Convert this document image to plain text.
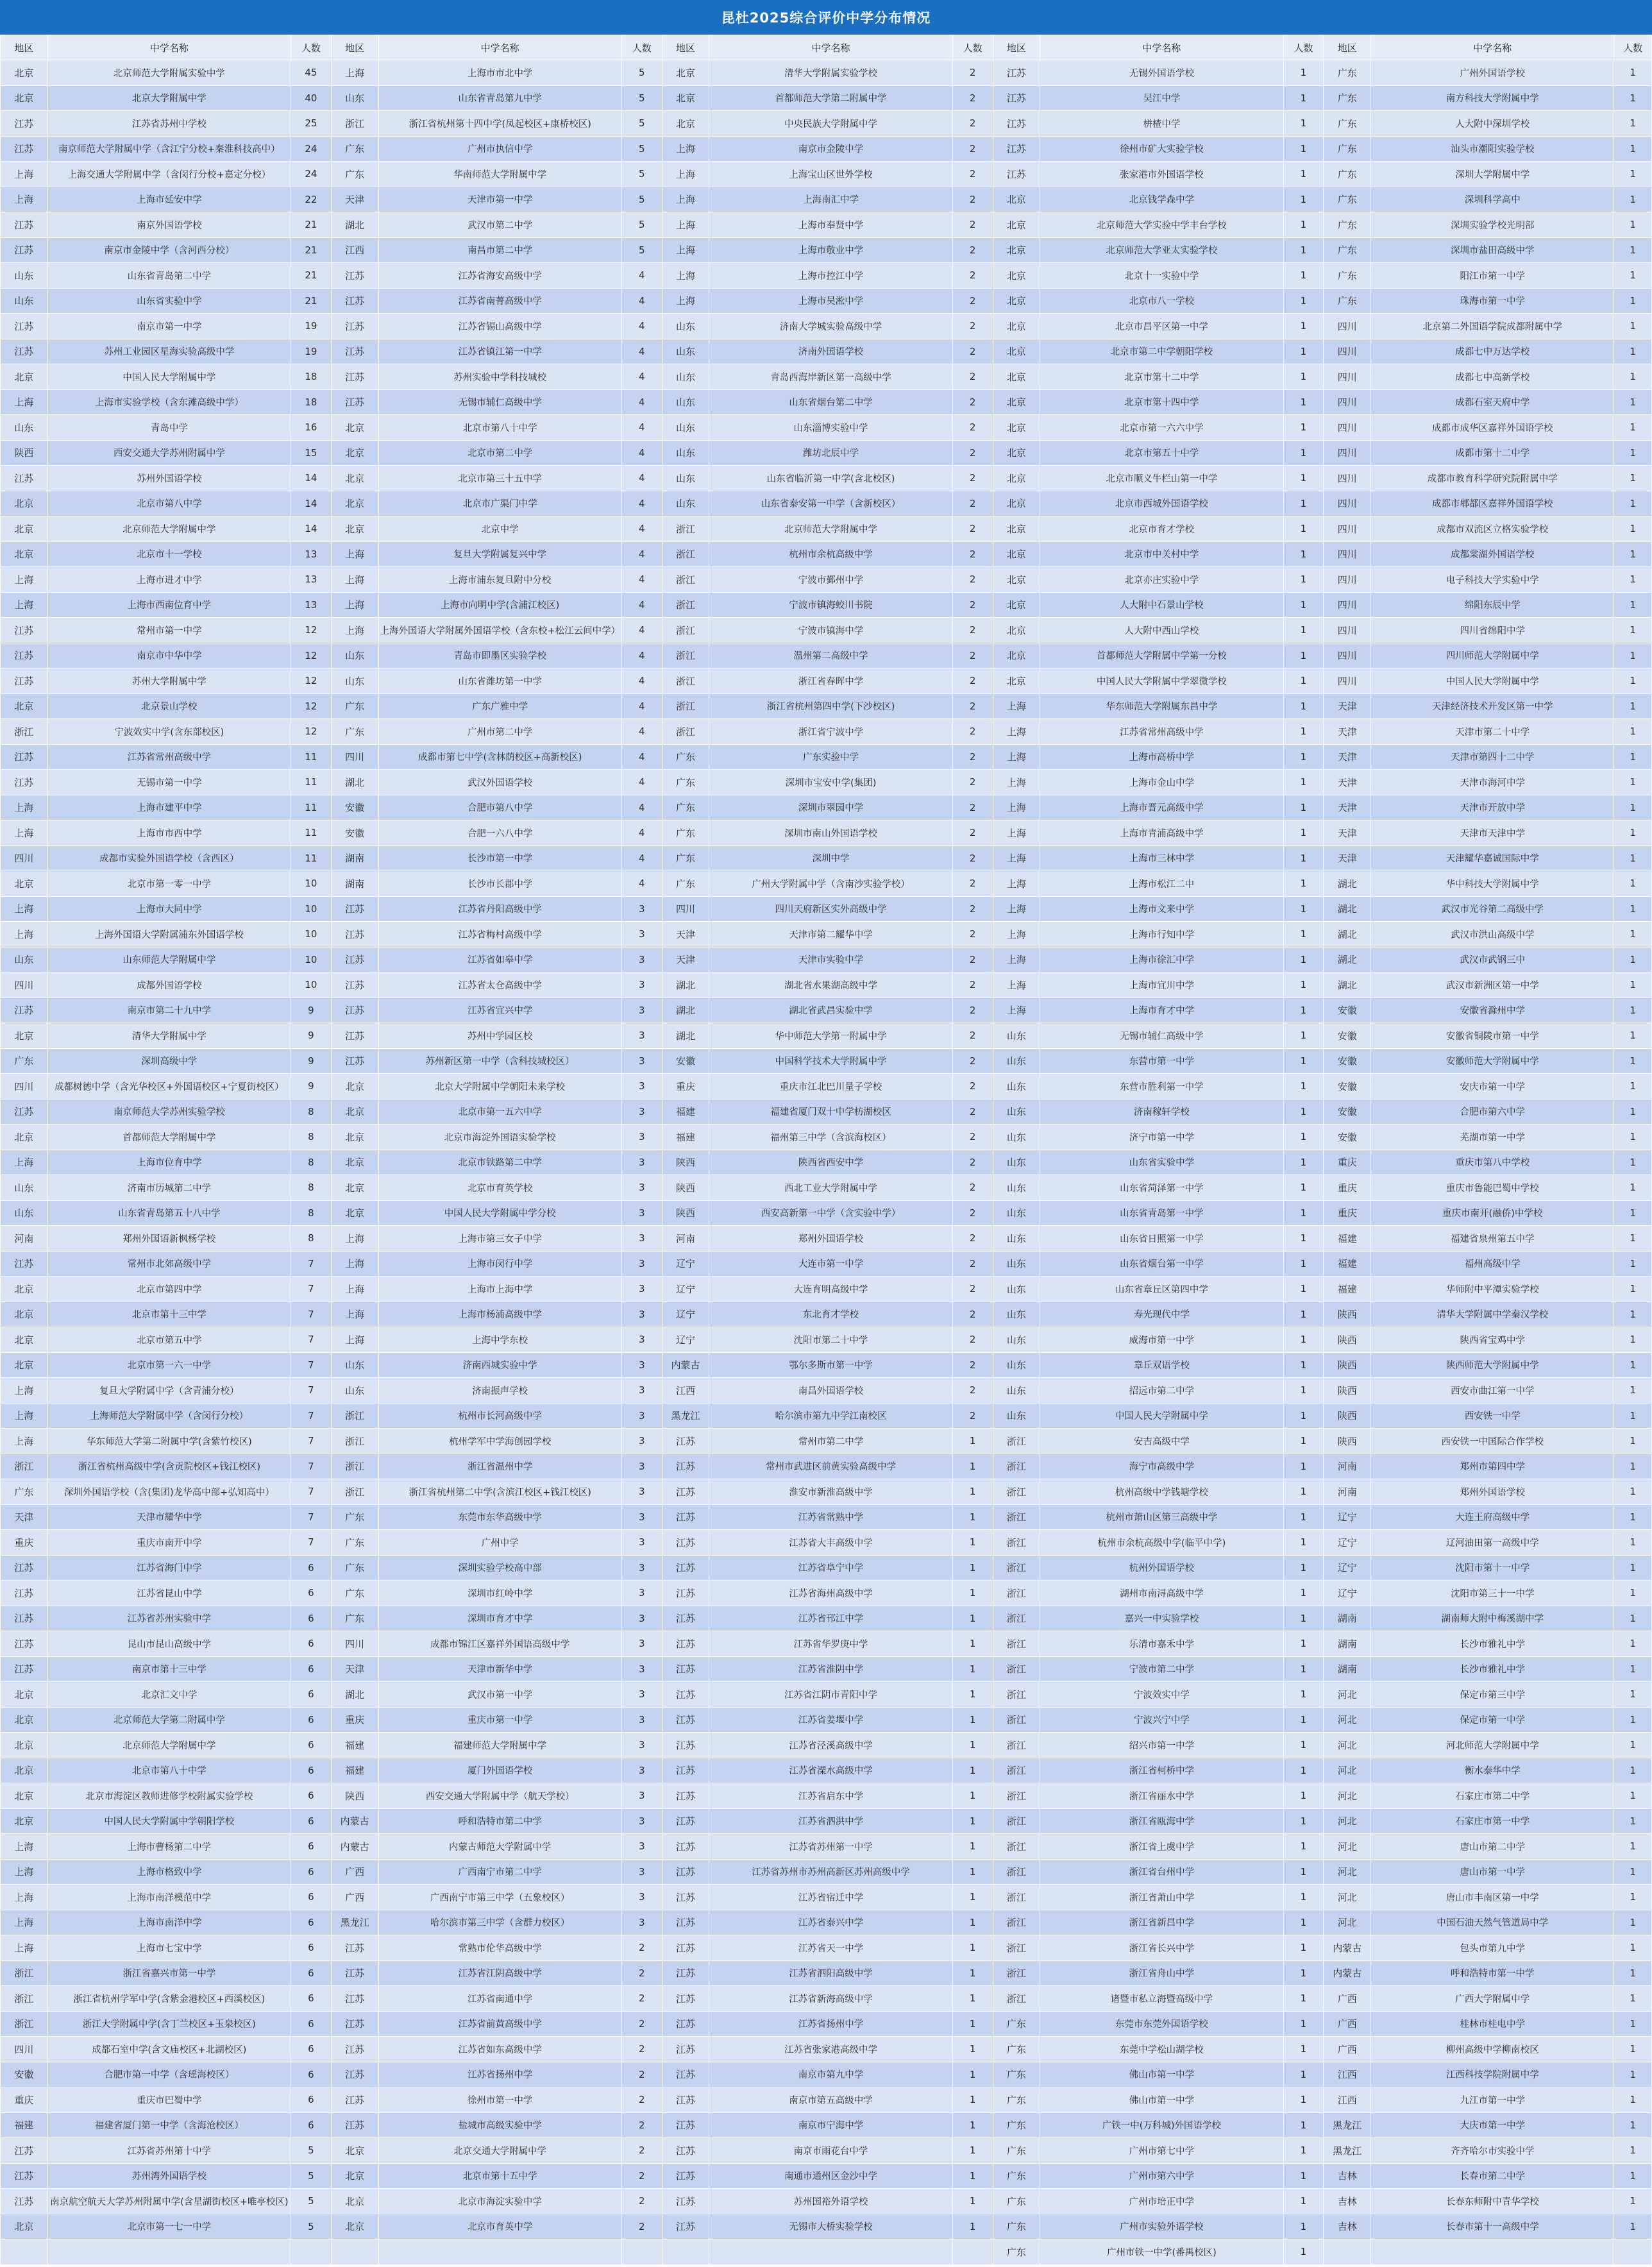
昆杜2025综合评价中学分布情况
地区	中学名称	人数	地区	中学名称	人数	地区	中学名称	人数	地区	中学名称	人数	地区	中学名称	人数
北京	北京师范大学附属实验中学	45	上海	上海市市北中学	5	北京	清华大学附属实验学校	2	江苏	无锡外国语学校	1	广东	广州外国语学校	1
北京	北京大学附属中学	40	山东	山东省青岛第九中学	5	北京	首都师范大学第二附属中学	2	江苏	吴江中学	1	广东	南方科技大学附属中学	1
江苏	江苏省苏州中学校	25	浙江	浙江省杭州第十四中学(凤起校区+康桥校区)	5	北京	中央民族大学附属中学	2	江苏	栟楂中学	1	广东	人大附中深圳学校	1
江苏	南京师范大学附属中学（含江宁分校+秦淮科技高中）	24	广东	广州市执信中学	5	上海	南京市金陵中学	2	江苏	徐州市矿大实验学校	1	广东	汕头市潮阳实验学校	1
上海	上海交通大学附属中学（含闵行分校+嘉定分校）	24	广东	华南师范大学附属中学	5	上海	上海宝山区世外学校	2	江苏	张家港市外国语学校	1	广东	深圳大学附属中学	1
上海	上海市延安中学	22	天津	天津市第一中学	5	上海	上海南汇中学	2	北京	北京钱学森中学	1	广东	深圳科学高中	1
江苏	南京外国语学校	21	湖北	武汉市第二中学	5	上海	上海市奉贤中学	2	北京	北京师范大学实验中学丰台学校	1	广东	深圳实验学校光明部	1
江苏	南京市金陵中学（含河西分校）	21	江西	南昌市第二中学	5	上海	上海市敬业中学	2	北京	北京师范大学亚太实验学校	1	广东	深圳市盐田高级中学	1
山东	山东省青岛第二中学	21	江苏	江苏省海安高级中学	4	上海	上海市控江中学	2	北京	北京十一实验中学	1	广东	阳江市第一中学	1
山东	山东省实验中学	21	江苏	江苏省南菁高级中学	4	上海	上海市吴淞中学	2	北京	北京市八一学校	1	广东	珠海市第一中学	1
江苏	南京市第一中学	19	江苏	江苏省锡山高级中学	4	山东	济南大学城实验高级中学	2	北京	北京市昌平区第一中学	1	四川	北京第二外国语学院成都附属中学	1
江苏	苏州工业园区星海实验高级中学	19	江苏	江苏省镇江第一中学	4	山东	济南外国语学校	2	北京	北京市第二中学朝阳学校	1	四川	成都七中万达学校	1
北京	中国人民大学附属中学	18	江苏	苏州实验中学科技城校	4	山东	青岛西海岸新区第一高级中学	2	北京	北京市第十二中学	1	四川	成都七中高新学校	1
上海	上海市实验学校（含东滩高级中学）	18	江苏	无锡市辅仁高级中学	4	山东	山东省烟台第二中学	2	北京	北京市第十四中学	1	四川	成都石室天府中学	1
山东	青岛中学	16	北京	北京市第八十中学	4	山东	山东淄博实验中学	2	北京	北京市第一六六中学	1	四川	成都市成华区嘉祥外国语学校	1
陕西	西安交通大学苏州附属中学	15	北京	北京市第二中学	4	山东	潍坊北辰中学	2	北京	北京市第五十中学	1	四川	成都市第十二中学	1
江苏	苏州外国语学校	14	北京	北京市第三十五中学	4	山东	山东省临沂第一中学(含北校区)	2	北京	北京市顺义牛栏山第一中学	1	四川	成都市教育科学研究院附属中学	1
北京	北京市第八中学	14	北京	北京市广渠门中学	4	山东	山东省泰安第一中学（含新校区）	2	北京	北京市西城外国语学校	1	四川	成都市郫都区嘉祥外国语学校	1
北京	北京师范大学附属中学	14	北京	北京中学	4	浙江	北京师范大学附属中学	2	北京	北京市育才学校	1	四川	成都市双流区立格实验学校	1
北京	北京市十一学校	13	上海	复旦大学附属复兴中学	4	浙江	杭州市余杭高级中学	2	北京	北京市中关村中学	1	四川	成都棠湖外国语学校	1
上海	上海市进才中学	13	上海	上海市浦东复旦附中分校	4	浙江	宁波市鄞州中学	2	北京	北京亦庄实验中学	1	四川	电子科技大学实验中学	1
上海	上海市西南位育中学	13	上海	上海市向明中学(含浦江校区)	4	浙江	宁波市镇海蛟川书院	2	北京	人大附中石景山学校	1	四川	绵阳东辰中学	1
江苏	常州市第一中学	12	上海	上海外国语大学附属外国语学校（含东校+松江云间中学）	4	浙江	宁波市镇海中学	2	北京	人大附中西山学校	1	四川	四川省绵阳中学	1
江苏	南京市中华中学	12	山东	青岛市即墨区实验学校	4	浙江	温州第二高级中学	2	北京	首都师范大学附属中学第一分校	1	四川	四川师范大学附属中学	1
江苏	苏州大学附属中学	12	山东	山东省潍坊第一中学	4	浙江	浙江省春晖中学	2	北京	中国人民大学附属中学翠微学校	1	四川	中国人民大学附属中学	1
北京	北京景山学校	12	广东	广东广雅中学	4	浙江	浙江省杭州第四中学(下沙校区)	2	上海	华东师范大学附属东昌中学	1	天津	天津经济技术开发区第一中学	1
浙江	宁波效实中学(含东部校区)	12	广东	广州市第二中学	4	浙江	浙江省宁波中学	2	上海	江苏省常州高级中学	1	天津	天津市第二十中学	1
江苏	江苏省常州高级中学	11	四川	成都市第七中学(含林荫校区+高新校区)	4	广东	广东实验中学	2	上海	上海市高桥中学	1	天津	天津市第四十二中学	1
江苏	无锡市第一中学	11	湖北	武汉外国语学校	4	广东	深圳市宝安中学(集团)	2	上海	上海市金山中学	1	天津	天津市海河中学	1
上海	上海市建平中学	11	安徽	合肥市第八中学	4	广东	深圳市翠园中学	2	上海	上海市晋元高级中学	1	天津	天津市开放中学	1
上海	上海市市西中学	11	安徽	合肥一六八中学	4	广东	深圳市南山外国语学校	2	上海	上海市青浦高级中学	1	天津	天津市天津中学	1
四川	成都市实验外国语学校（含西区）	11	湖南	长沙市第一中学	4	广东	深圳中学	2	上海	上海市三林中学	1	天津	天津耀华嘉诚国际中学	1
北京	北京市第一零一中学	10	湖南	长沙市长郡中学	4	广东	广州大学附属中学（含南沙实验学校）	2	上海	上海市松江二中	1	湖北	华中科技大学附属中学	1
上海	上海市大同中学	10	江苏	江苏省丹阳高级中学	3	四川	四川天府新区实外高级中学	2	上海	上海市文来中学	1	湖北	武汉市光谷第二高级中学	1
上海	上海外国语大学附属浦东外国语学校	10	江苏	江苏省梅村高级中学	3	天津	天津市第二耀华中学	2	上海	上海市行知中学	1	湖北	武汉市洪山高级中学	1
山东	山东师范大学附属中学	10	江苏	江苏省如皋中学	3	天津	天津市实验中学	2	上海	上海市徐汇中学	1	湖北	武汉市武钢三中	1
四川	成都外国语学校	10	江苏	江苏省太仓高级中学	3	湖北	湖北省水果湖高级中学	2	上海	上海市宜川中学	1	湖北	武汉市新洲区第一中学	1
江苏	南京市第二十九中学	9	江苏	江苏省宜兴中学	3	湖北	湖北省武昌实验中学	2	上海	上海市育才中学	1	安徽	安徽省滁州中学	1
北京	清华大学附属中学	9	江苏	苏州中学园区校	3	湖北	华中师范大学第一附属中学	2	山东	无锡市辅仁高级中学	1	安徽	安徽省铜陵市第一中学	1
广东	深圳高级中学	9	江苏	苏州新区第一中学（含科技城校区）	3	安徽	中国科学技术大学附属中学	2	山东	东营市第一中学	1	安徽	安徽师范大学附属中学	1
四川	成都树德中学（含光华校区+外国语校区+宁夏街校区）	9	北京	北京大学附属中学朝阳未来学校	3	重庆	重庆市江北巴川量子学校	2	山东	东营市胜利第一中学	1	安徽	安庆市第一中学	1
江苏	南京师范大学苏州实验学校	8	北京	北京市第一五六中学	3	福建	福建省厦门双十中学枋湖校区	2	山东	济南稼轩学校	1	安徽	合肥市第六中学	1
北京	首都师范大学附属中学	8	北京	北京市海淀外国语实验学校	3	福建	福州第三中学（含滨海校区）	2	山东	济宁市第一中学	1	安徽	芜湖市第一中学	1
上海	上海市位育中学	8	北京	北京市铁路第二中学	3	陕西	陕西省西安中学	2	山东	山东省实验中学	1	重庆	重庆市第八中学校	1
山东	济南市历城第二中学	8	北京	北京市育英学校	3	陕西	西北工业大学附属中学	2	山东	山东省菏泽第一中学	1	重庆	重庆市鲁能巴蜀中学校	1
山东	山东省青岛第五十八中学	8	北京	中国人民大学附属中学分校	3	陕西	西安高新第一中学（含实验中学）	2	山东	山东省青岛第一中学	1	重庆	重庆市南开(融侨)中学校	1
河南	郑州外国语新枫杨学校	8	上海	上海市第三女子中学	3	河南	郑州外国语学校	2	山东	山东省日照第一中学	1	福建	福建省泉州第五中学	1
江苏	常州市北郊高级中学	7	上海	上海市闵行中学	3	辽宁	大连市第一中学	2	山东	山东省烟台第一中学	1	福建	福州高级中学	1
北京	北京市第四中学	7	上海	上海市上海中学	3	辽宁	大连育明高级中学	2	山东	山东省章丘区第四中学	1	福建	华师附中平潭实验学校	1
北京	北京市第十三中学	7	上海	上海市杨浦高级中学	3	辽宁	东北育才学校	2	山东	寿光现代中学	1	陕西	清华大学附属中学秦汉学校	1
北京	北京市第五中学	7	上海	上海中学东校	3	辽宁	沈阳市第二十中学	2	山东	威海市第一中学	1	陕西	陕西省宝鸡中学	1
北京	北京市第一六一中学	7	山东	济南西城实验中学	3	内蒙古	鄂尔多斯市第一中学	2	山东	章丘双语学校	1	陕西	陕西师范大学附属中学	1
上海	复旦大学附属中学（含青浦分校）	7	山东	济南振声学校	3	江西	南昌外国语学校	2	山东	招远市第二中学	1	陕西	西安市曲江第一中学	1
上海	上海师范大学附属中学（含闵行分校）	7	浙江	杭州市长河高级中学	3	黑龙江	哈尔滨市第九中学江南校区	2	山东	中国人民大学附属中学	1	陕西	西安铁一中学	1
上海	华东师范大学第二附属中学(含紫竹校区)	7	浙江	杭州学军中学海创园学校	3	江苏	常州市第二中学	1	浙江	安吉高级中学	1	陕西	西安铁一中国际合作学校	1
浙江	浙江省杭州高级中学(含贡院校区+钱江校区)	7	浙江	浙江省温州中学	3	江苏	常州市武进区前黄实验高级中学	1	浙江	海宁市高级中学	1	河南	郑州市第四中学	1
广东	深圳外国语学校（含(集团)龙华高中部+弘知高中）	7	浙江	浙江省杭州第二中学(含滨江校区+钱江校区)	3	江苏	淮安市新淮高级中学	1	浙江	杭州高级中学钱塘学校	1	河南	郑州外国语学校	1
天津	天津市耀华中学	7	广东	东莞市东华高级中学	3	江苏	江苏省常熟中学	1	浙江	杭州市萧山区第三高级中学	1	辽宁	大连王府高级中学	1
重庆	重庆市南开中学	7	广东	广州中学	3	江苏	江苏省大丰高级中学	1	浙江	杭州市余杭高级中学(临平中学)	1	辽宁	辽河油田第一高级中学	1
江苏	江苏省海门中学	6	广东	深圳实验学校高中部	3	江苏	江苏省阜宁中学	1	浙江	杭州外国语学校	1	辽宁	沈阳市第十一中学	1
江苏	江苏省昆山中学	6	广东	深圳市红岭中学	3	江苏	江苏省海州高级中学	1	浙江	湖州市南浔高级中学	1	辽宁	沈阳市第三十一中学	1
江苏	江苏省苏州实验中学	6	广东	深圳市育才中学	3	江苏	江苏省邗江中学	1	浙江	嘉兴一中实验学校	1	湖南	湖南师大附中梅溪湖中学	1
江苏	昆山市昆山高级中学	6	四川	成都市锦江区嘉祥外国语高级中学	3	江苏	江苏省华罗庚中学	1	浙江	乐清市嘉禾中学	1	湖南	长沙市雅礼中学	1
江苏	南京市第十三中学	6	天津	天津市新华中学	3	江苏	江苏省淮阴中学	1	浙江	宁波市第二中学	1	湖南	长沙市雅礼中学	1
北京	北京汇文中学	6	湖北	武汉市第一中学	3	江苏	江苏省江阴市青阳中学	1	浙江	宁波效实中学	1	河北	保定市第三中学	1
北京	北京师范大学第二附属中学	6	重庆	重庆市第一中学	3	江苏	江苏省姜堰中学	1	浙江	宁波兴宁中学	1	河北	保定市第一中学	1
北京	北京师范大学附属中学	6	福建	福建师范大学附属中学	3	江苏	江苏省泾溪高级中学	1	浙江	绍兴市第一中学	1	河北	河北师范大学附属中学	1
北京	北京市第八十中学	6	福建	厦门外国语学校	3	江苏	江苏省溧水高级中学	1	浙江	浙江省柯桥中学	1	河北	衡水泰华中学	1
北京	北京市海淀区教师进修学校附属实验学校	6	陕西	西安交通大学附属中学（航天学校）	3	江苏	江苏省启东中学	1	浙江	浙江省丽水中学	1	河北	石家庄市第二中学	1
北京	中国人民大学附属中学朝阳学校	6	内蒙古	呼和浩特市第二中学	3	江苏	江苏省泗洪中学	1	浙江	浙江省瓯海中学	1	河北	石家庄市第一中学	1
上海	上海市曹杨第二中学	6	内蒙古	内蒙古师范大学附属中学	3	江苏	江苏省苏州第一中学	1	浙江	浙江省上虞中学	1	河北	唐山市第二中学	1
上海	上海市格致中学	6	广西	广西南宁市第二中学	3	江苏	江苏省苏州市苏州高新区苏州高级中学	1	浙江	浙江省台州中学	1	河北	唐山市第一中学	1
上海	上海市南洋模范中学	6	广西	广西南宁市第三中学（五象校区）	3	江苏	江苏省宿迁中学	1	浙江	浙江省萧山中学	1	河北	唐山市丰南区第一中学	1
上海	上海市南洋中学	6	黑龙江	哈尔滨市第三中学（含群力校区）	3	江苏	江苏省泰兴中学	1	浙江	浙江省新昌中学	1	河北	中国石油天然气管道局中学	1
上海	上海市七宝中学	6	江苏	常熟市伦华高级中学	2	江苏	江苏省天一中学	1	浙江	浙江省长兴中学	1	内蒙古	包头市第九中学	1
浙江	浙江省嘉兴市第一中学	6	江苏	江苏省江阴高级中学	2	江苏	江苏省泗阳高级中学	1	浙江	浙江省舟山中学	1	内蒙古	呼和浩特市第一中学	1
浙江	浙江省杭州学军中学(含紫金港校区+西溪校区)	6	江苏	江苏省南通中学	2	江苏	江苏省新海高级中学	1	浙江	诸暨市私立海暨高级中学	1	广西	广西大学附属中学	1
浙江	浙江大学附属中学(含丁兰校区+玉泉校区)	6	江苏	江苏省前黄高级中学	2	江苏	江苏省扬州中学	1	广东	东莞市东莞外国语学校	1	广西	桂林市桂电中学	1
四川	成都石室中学(含文庙校区+北湖校区)	6	江苏	江苏省如东高级中学	2	江苏	江苏省张家港高级中学	1	广东	东莞中学松山湖学校	1	广西	柳州高级中学柳南校区	1
安徽	合肥市第一中学（含瑶海校区）	6	江苏	江苏省扬州中学	2	江苏	南京市第九中学	1	广东	佛山市第一中学	1	江西	江西科技学院附属中学	1
重庆	重庆市巴蜀中学	6	江苏	徐州市第一中学	2	江苏	南京市第五高级中学	1	广东	佛山市第一中学	1	江西	九江市第一中学	1
福建	福建省厦门第一中学（含海沧校区）	6	江苏	盐城市高级实验中学	2	江苏	南京市宁海中学	1	广东	广铁一中(万科城)外国语学校	1	黑龙江	大庆市第一中学	1
江苏	江苏省苏州第十中学	5	北京	北京交通大学附属中学	2	江苏	南京市雨花台中学	1	广东	广州市第七中学	1	黑龙江	齐齐哈尔市实验中学	1
江苏	苏州湾外国语学校	5	北京	北京市第十五中学	2	江苏	南通市通州区金沙中学	1	广东	广州市第六中学	1	吉林	长春市第二中学	1
江苏	南京航空航天大学苏州附属中学(含星湖街校区+唯亭校区)	5	北京	北京市海淀实验中学	2	江苏	苏州国裕外语学校	1	广东	广州市培正中学	1	吉林	长春东师附中青华学校	1
北京	北京市第一七一中学	5	北京	北京市育英中学	2	江苏	无锡市大桥实验学校	1	广东	广州市实验外语学校	1	吉林	长春市第十一高级中学	1
									广东	广州市铁一中学(番禺校区)	1			
